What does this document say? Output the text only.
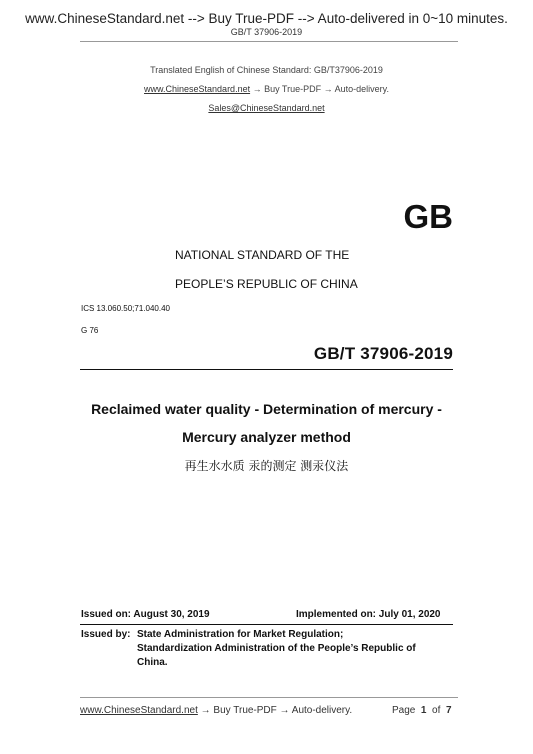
www.ChineseStandard.net --> Buy True-PDF --> Auto-delivered in 0~10 minutes.
GB/T 37906-2019
Translated English of Chinese Standard: GB/T37906-2019
www.ChineseStandard.net → Buy True-PDF → Auto-delivery.
Sales@ChineseStandard.net
GB
NATIONAL STANDARD OF THE
PEOPLE’S REPUBLIC OF CHINA
ICS 13.060.50;71.040.40
G 76
GB/T 37906-2019
Reclaimed water quality - Determination of mercury -
Mercury analyzer method
再生水水质 汞的测定 测汞仪法
Issued on: August 30, 2019	Implemented on: July 01, 2020
Issued by: State Administration for Market Regulation;
Standardization Administration of the People’s Republic of
China.
www.ChineseStandard.net → Buy True-PDF → Auto-delivery.	Page 1 of 7
